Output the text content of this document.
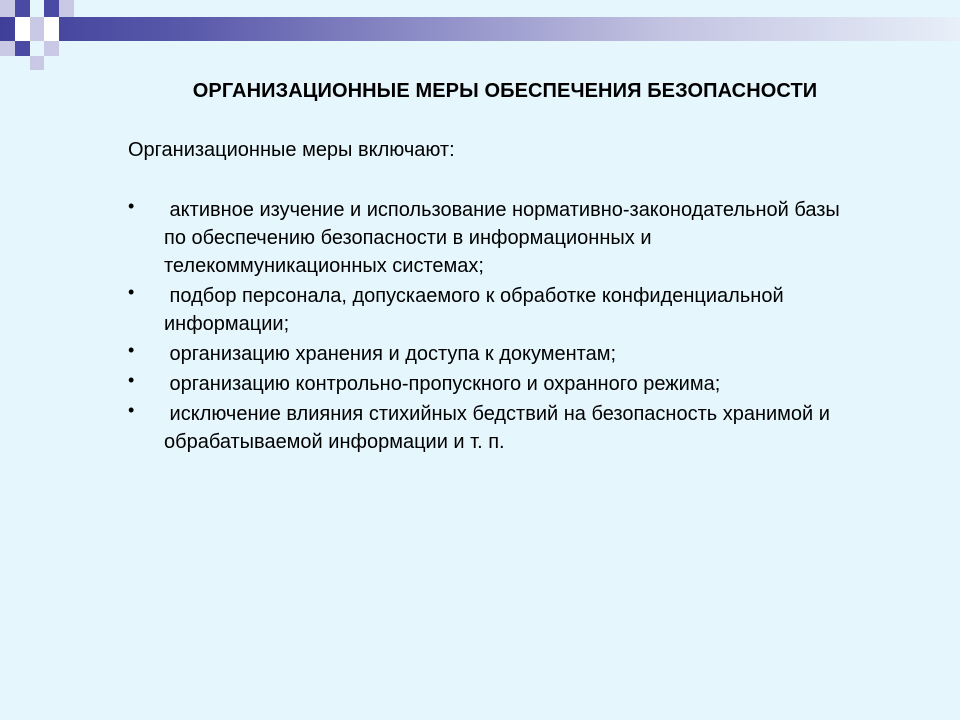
ОРГАНИЗАЦИОННЫЕ МЕРЫ ОБЕСПЕЧЕНИЯ БЕЗОПАСНОСТИ
Организационные меры включают:
• активное изучение и использование нормативно-законодательной базы по обеспечению безопасности в информационных и телекоммуникационных системах;
• подбор персонала, допускаемого к обработке конфиденциальной информации;
• организацию хранения и доступа к документам;
• организацию контрольно-пропускного и охранного режима;
• исключение влияния стихийных бедствий на безопасность хранимой и обрабатываемой информации и т. п.
